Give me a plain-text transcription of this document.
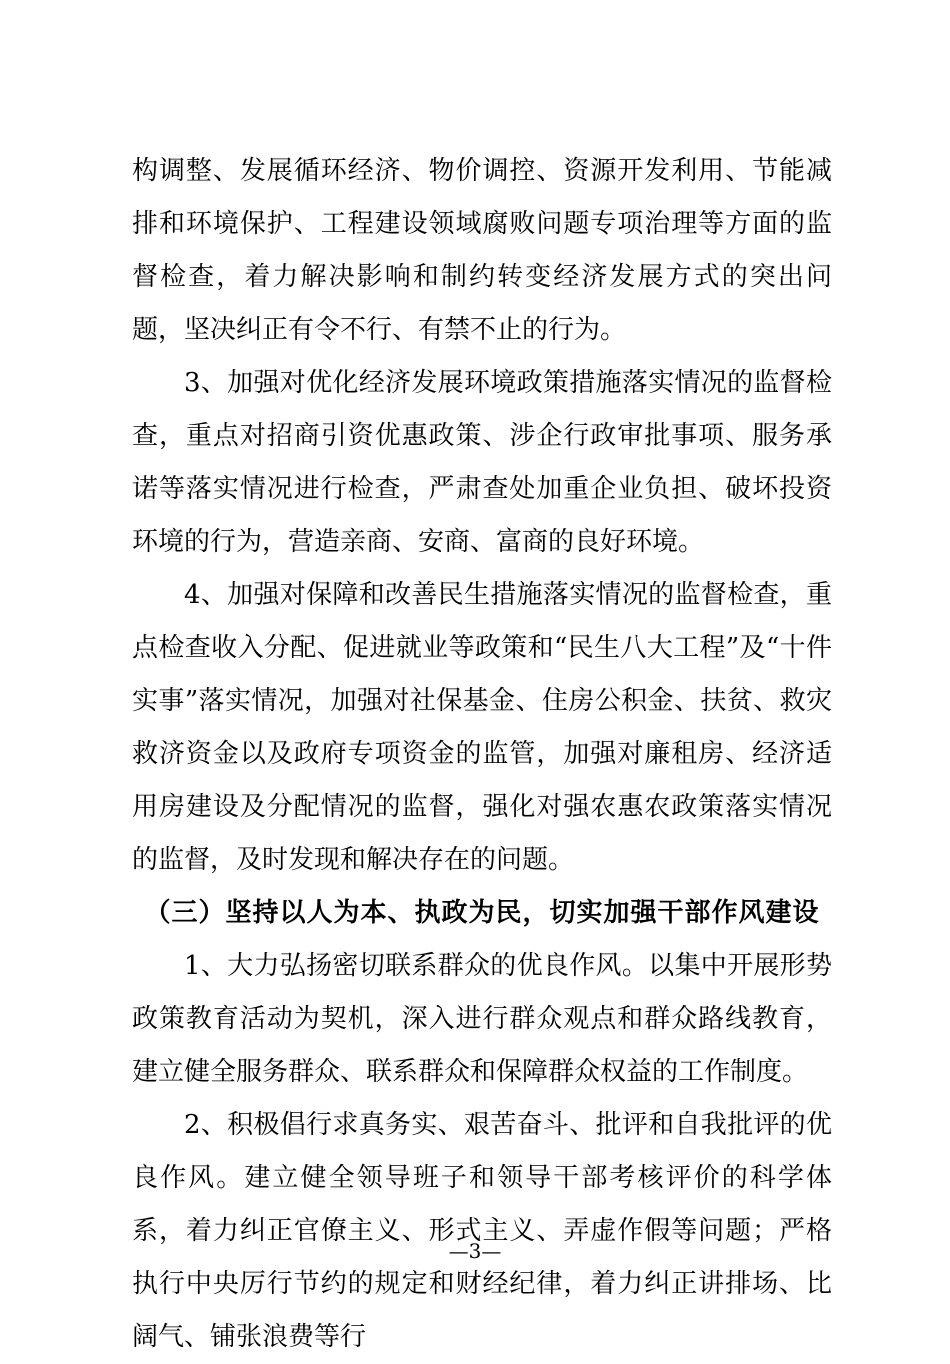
构调整、发展循环经济、物价调控、资源开发利用、节能减排和环境保护、工程建设领域腐败问题专项治理等方面的监督检查，着力解决影响和制约转变经济发展方式的突出问题，坚决纠正有令不行、有禁不止的行为。

3、加强对优化经济发展环境政策措施落实情况的监督检查，重点对招商引资优惠政策、涉企行政审批事项、服务承诺等落实情况进行检查，严肃查处加重企业负担、破坏投资环境的行为，营造亲商、安商、富商的良好环境。

4、加强对保障和改善民生措施落实情况的监督检查，重点检查收入分配、促进就业等政策和“民生八大工程”及“十件实事”落实情况，加强对社保基金、住房公积金、扶贫、救灾救济资金以及政府专项资金的监管，加强对廉租房、经济适用房建设及分配情况的监督，强化对强农惠农政策落实情况的监督，及时发现和解决存在的问题。

（三）坚持以人为本、执政为民，切实加强干部作风建设

1、大力弘扬密切联系群众的优良作风。以集中开展形势政策教育活动为契机，深入进行群众观点和群众路线教育，建立健全服务群众、联系群众和保障群众权益的工作制度。

2、积极倡行求真务实、艰苦奋斗、批评和自我批评的优良作风。建立健全领导班子和领导干部考核评价的科学体系，着力纠正官僚主义、形式主义、弄虚作假等问题；严格执行中央厉行节约的规定和财经纪律，着力纠正讲排场、比阔气、铺张浪费等行

—3—
